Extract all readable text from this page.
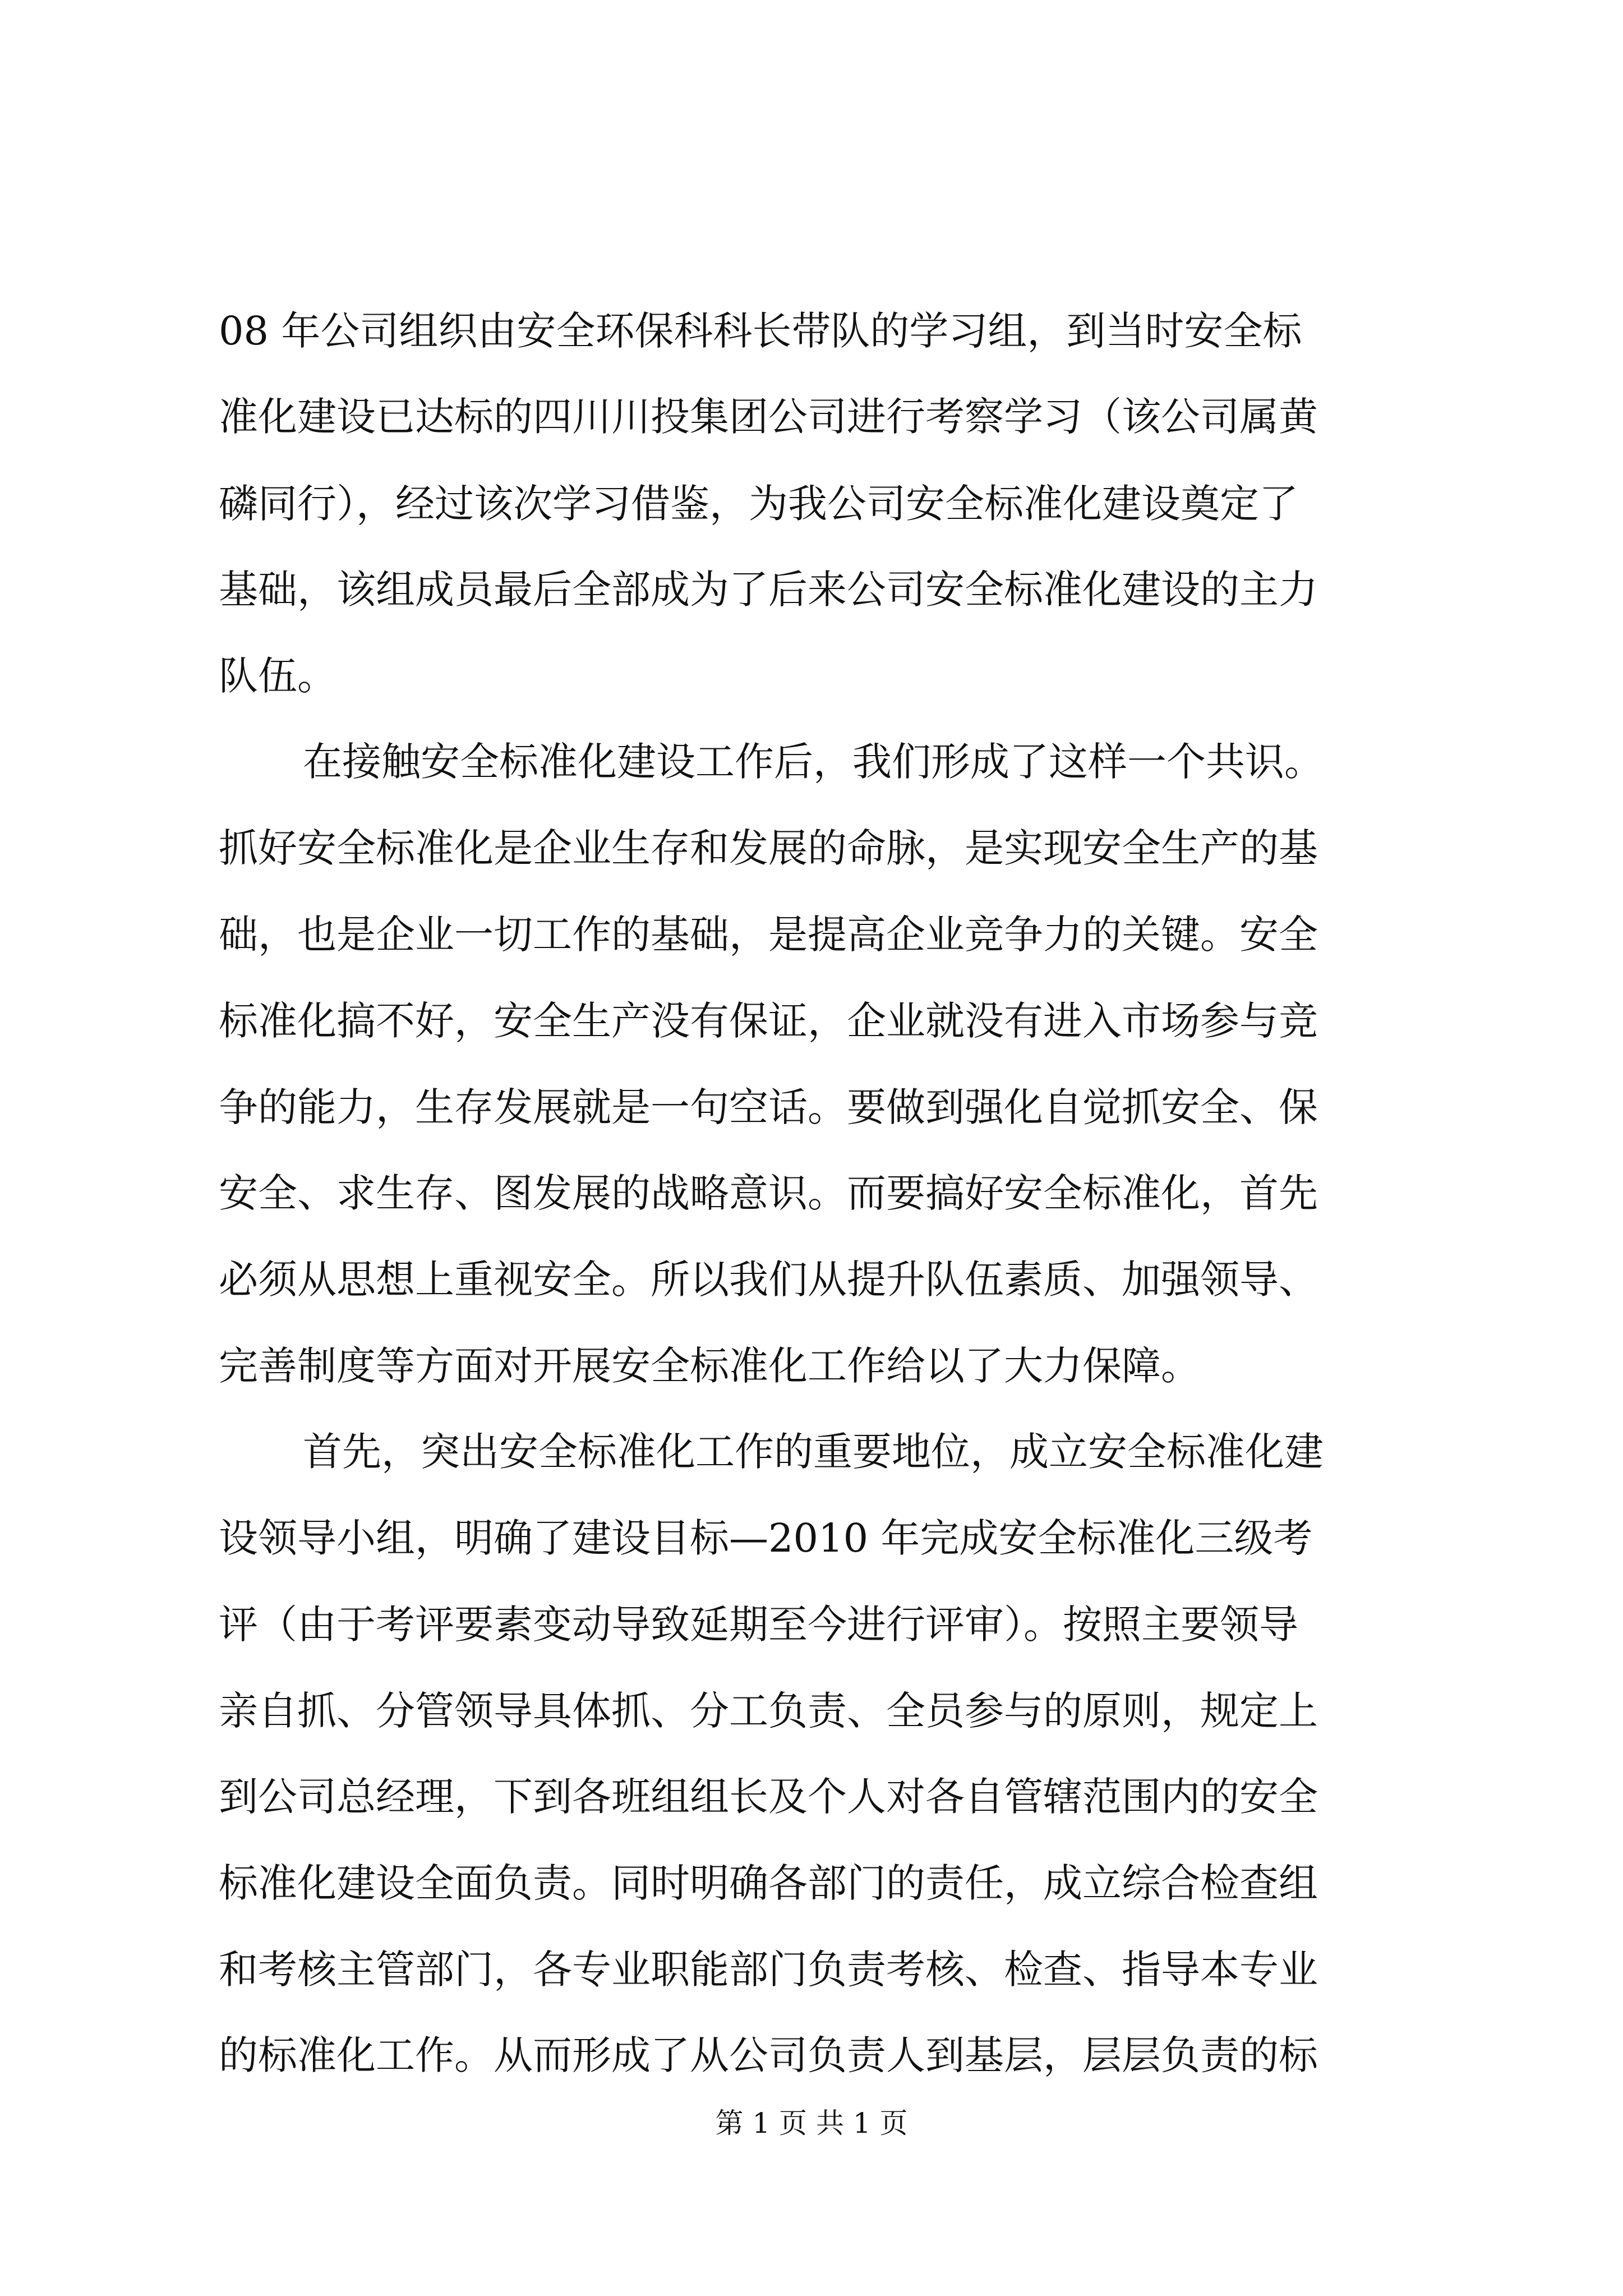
08 年公司组织由安全环保科科长带队的学习组，到当时安全标
准化建设已达标的四川川投集团公司进行考察学习（该公司属黄
磷同行），经过该次学习借鉴，为我公司安全标准化建设奠定了
基础，该组成员最后全部成为了后来公司安全标准化建设的主力
队伍。
在接触安全标准化建设工作后，我们形成了这样一个共识。
抓好安全标准化是企业生存和发展的命脉，是实现安全生产的基
础，也是企业一切工作的基础，是提高企业竞争力的关键。安全
标准化搞不好，安全生产没有保证，企业就没有进入市场参与竞
争的能力，生存发展就是一句空话。要做到强化自觉抓安全、保
安全、求生存、图发展的战略意识。而要搞好安全标准化，首先
必须从思想上重视安全。所以我们从提升队伍素质、加强领导、
完善制度等方面对开展安全标准化工作给以了大力保障。
首先，突出安全标准化工作的重要地位，成立安全标准化建
设领导小组，明确了建设目标—2010 年完成安全标准化三级考
评（由于考评要素变动导致延期至今进行评审）。按照主要领导
亲自抓、分管领导具体抓、分工负责、全员参与的原则，规定上
到公司总经理，下到各班组组长及个人对各自管辖范围内的安全
标准化建设全面负责。同时明确各部门的责任，成立综合检查组
和考核主管部门，各专业职能部门负责考核、检查、指导本专业
的标准化工作。从而形成了从公司负责人到基层，层层负责的标
第 1 页 共 1 页
